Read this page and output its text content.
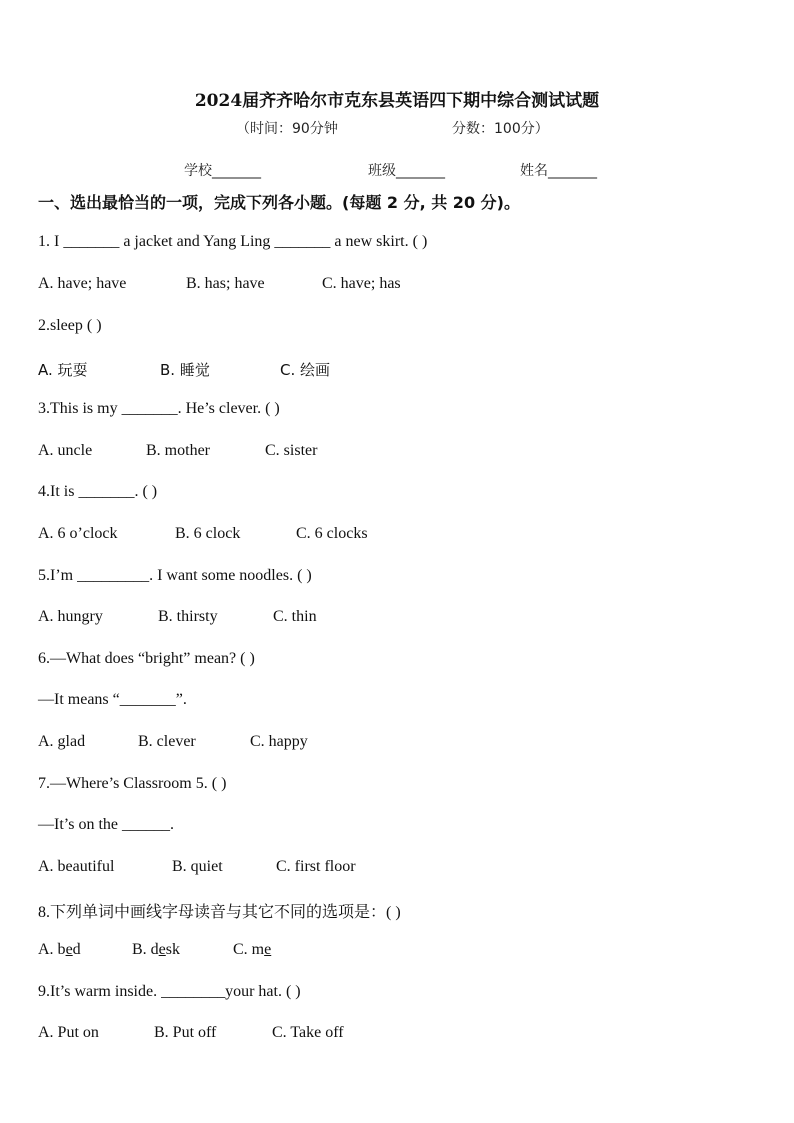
2024届齐齐哈尔市克东县英语四下期中综合测试试题
（时间：90分钟	分数：100分）
学校_______	班级_______	姓名_______
一、选出最恰当的一项，完成下列各小题。(每题 2 分, 共 20 分)。
1. I _______ a jacket and Yang Ling _______ a new skirt. ( )
A. have; have	B. has; have	C. have; has
2.sleep ( )
A. 玩耍	B. 睡觉	C. 绘画
3.This is my _______. He’s clever. ( )
A. uncle	B. mother	C. sister
4.It is _______. ( )
A. 6 o’clock	B. 6 clock	C. 6 clocks
5.I’m _________. I want some noodles. ( )
A. hungry	B. thirsty	C. thin
6.—What does “bright” mean? ( )
—It means “_______”.
A. glad	B. clever	C. happy
7.—Where’s Classroom 5. ( )
—It’s on the ______.
A. beautiful	B. quiet	C. first floor
8.下列单词中画线字母读音与其它不同的选项是：( )
A. bed	B. desk	C. me
9.It’s warm inside. ________your hat. ( )
A. Put on	B. Put off	C. Take off
